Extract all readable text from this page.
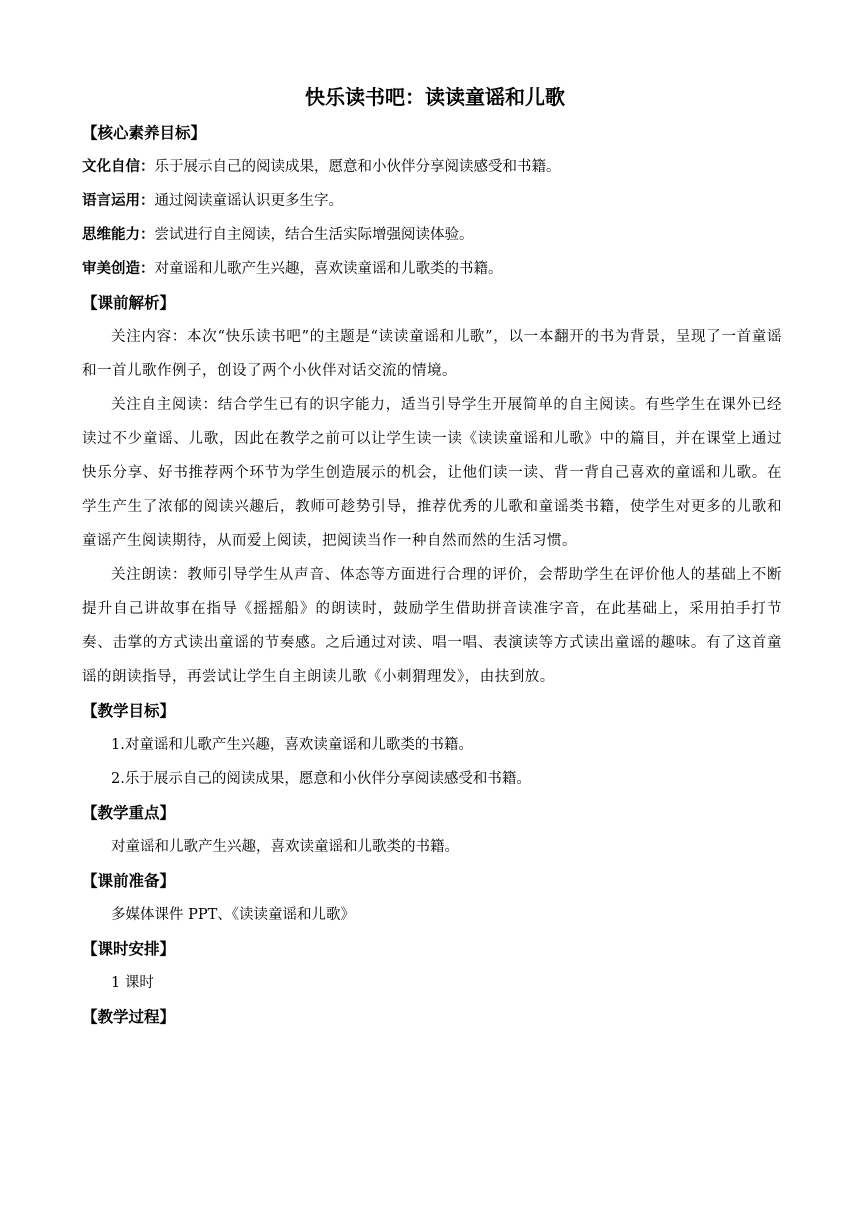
快乐读书吧：读读童谣和儿歌

【核心素养目标】

文化自信：乐于展示自己的阅读成果，愿意和小伙伴分享阅读感受和书籍。

语言运用：通过阅读童谣认识更多生字。

思维能力：尝试进行自主阅读，结合生活实际增强阅读体验。

审美创造：对童谣和儿歌产生兴趣，喜欢读童谣和儿歌类的书籍。

【课前解析】

关注内容：本次“快乐读书吧”的主题是“读读童谣和儿歌”，以一本翻开的书为背景，呈现了一首童谣和一首儿歌作例子，创设了两个小伙伴对话交流的情境。

关注自主阅读：结合学生已有的识字能力，适当引导学生开展简单的自主阅读。有些学生在课外已经读过不少童谣、儿歌，因此在教学之前可以让学生读一读《读读童谣和儿歌》中的篇目，并在课堂上通过快乐分享、好书推荐两个环节为学生创造展示的机会，让他们读一读、背一背自己喜欢的童谣和儿歌。在学生产生了浓郁的阅读兴趣后，教师可趁势引导，推荐优秀的儿歌和童谣类书籍，使学生对更多的儿歌和童谣产生阅读期待，从而爱上阅读，把阅读当作一种自然而然的生活习惯。

关注朗读：教师引导学生从声音、体态等方面进行合理的评价，会帮助学生在评价他人的基础上不断提升自己讲故事在指导《摇摇船》的朗读时，鼓励学生借助拼音读准字音，在此基础上，采用拍手打节奏、击掌的方式读出童谣的节奏感。之后通过对读、唱一唱、表演读等方式读出童谣的趣味。有了这首童谣的朗读指导，再尝试让学生自主朗读儿歌《小刺猬理发》，由扶到放。

【教学目标】

1.对童谣和儿歌产生兴趣，喜欢读童谣和儿歌类的书籍。

2.乐于展示自己的阅读成果，愿意和小伙伴分享阅读感受和书籍。

【教学重点】

对童谣和儿歌产生兴趣，喜欢读童谣和儿歌类的书籍。

【课前准备】

多媒体课件 PPT、《读读童谣和儿歌》

【课时安排】

1 课时

【教学过程】
